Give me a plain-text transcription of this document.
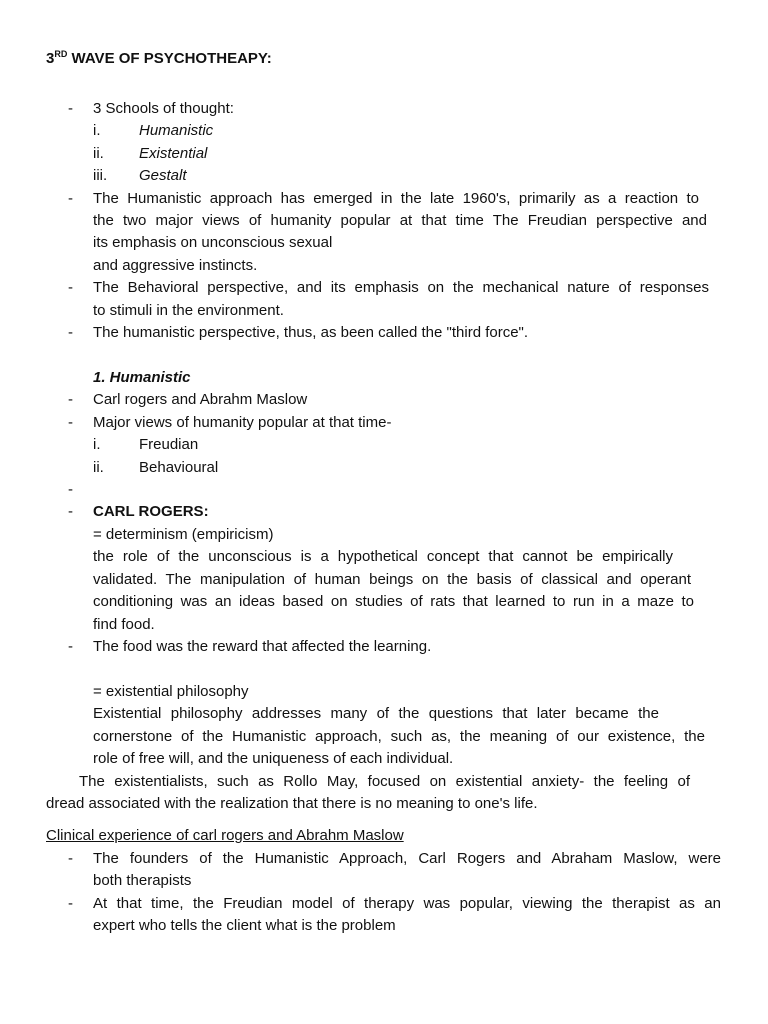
3RD WAVE OF PSYCHOTHEAPY:
- 3 Schools of thought:
i.	Humanistic
ii. Existential
iii. Gestalt
- The Humanistic approach has emerged in the late 1960's, primarily as a reaction to
the two major views of humanity popular at that time The Freudian perspective and
its emphasis on unconscious sexual
and aggressive instincts.
- The Behavioral perspective, and its emphasis on the mechanical nature of responses
to stimuli in the environment.
- The humanistic perspective, thus, as been called the "third force".
1. Humanistic
- Carl rogers and Abrahm Maslow
- Major views of humanity popular at that time-
i.	Freudian
ii. Behavioural
-
- CARL ROGERS:
= determinism (empiricism)
the role of the unconscious is a hypothetical concept that cannot be empirically
validated. The manipulation of human beings on the basis of classical and operant
conditioning was an ideas based on studies of rats that learned to run in a maze to
find food.
- The food was the reward that affected the learning.
= existential philosophy
Existential philosophy addresses many of the questions that later became the
cornerstone of the Humanistic approach, such as, the meaning of our existence, the
role of free will, and the uniqueness of each individual.
The existentialists, such as Rollo May, focused on existential anxiety- the feeling of
dread associated with the realization that there is no meaning to one's life.
Clinical experience of carl rogers and Abrahm Maslow
- The founders of the Humanistic Approach, Carl Rogers and Abraham Maslow, were
both therapists
- At that time, the Freudian model of therapy was popular, viewing the therapist as an
expert who tells the client what is the problem
